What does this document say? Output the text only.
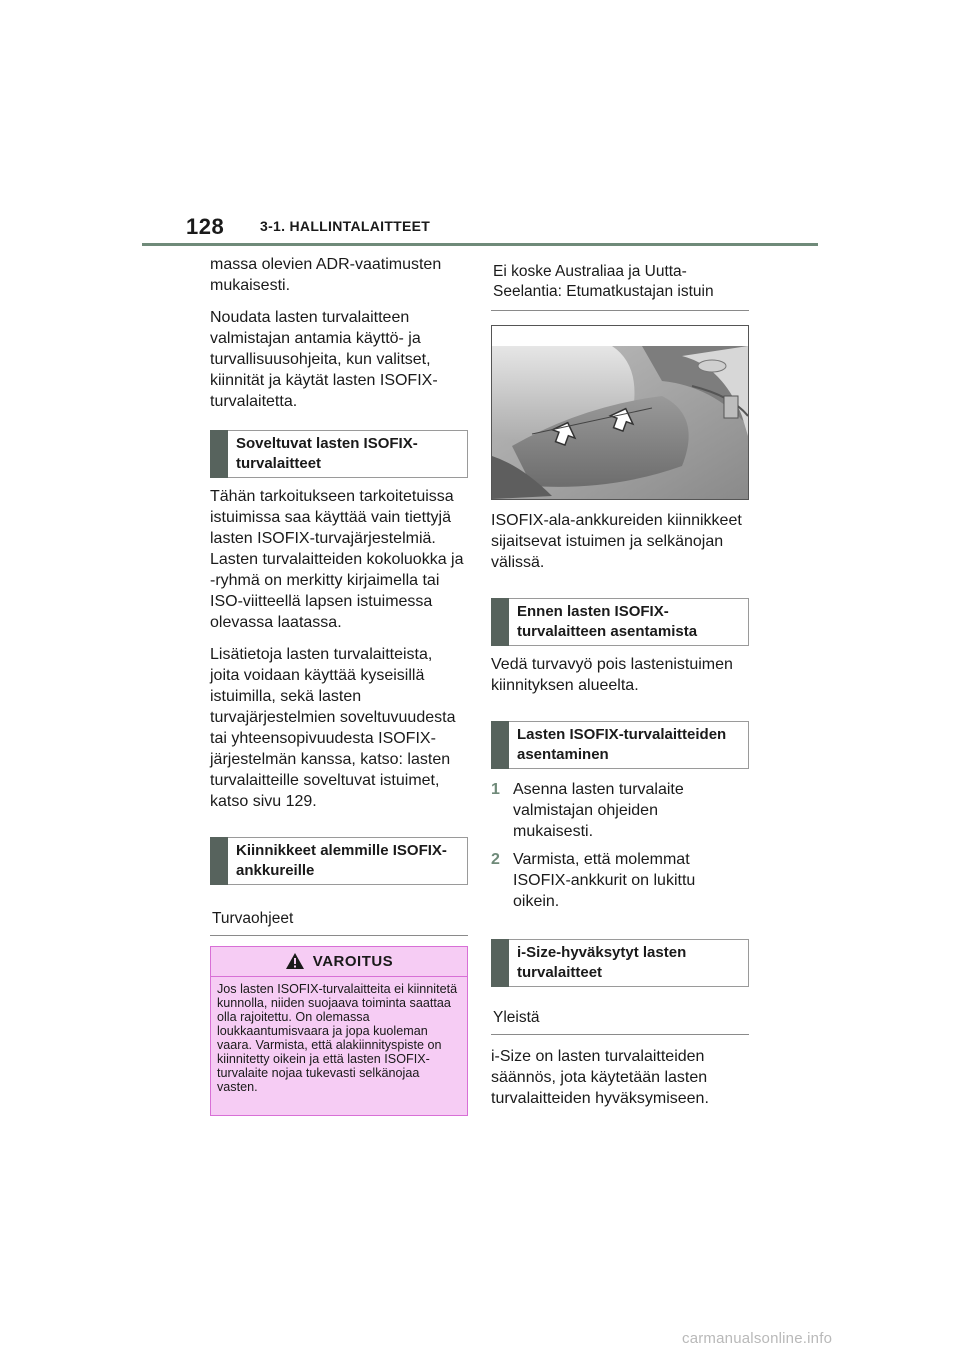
128	3-1. HALLINTALAITTEET

massa olevien ADR-vaatimusten mukaisesti.

Noudata lasten turvalaitteen valmistajan antamia käyttö- ja turvallisuusohjeita, kun valitset, kiinnität ja käytät lasten ISOFIX-turvalaitetta.

Soveltuvat lasten ISOFIX-turvalaitteet

Tähän tarkoitukseen tarkoitetuissa istuimissa saa käyttää vain tiettyjä lasten ISOFIX-turvajärjestelmiä. Lasten turvalaitteiden kokoluokka ja -ryhmä on merkitty kirjaimella tai ISO-viitteellä lapsen istuimessa olevassa laatassa.

Lisätietoja lasten turvalaitteista, joita voidaan käyttää kyseisillä istuimilla, sekä lasten turvajärjestelmien soveltuvuudesta tai yhteensopivuudesta ISOFIX-järjestelmän kanssa, katso: lasten turvalaitteille soveltuvat istuimet, katso sivu 129.

Kiinnikkeet alemmille ISOFIX-ankkureille
Turvaohjeet
VAROITUS
Jos lasten ISOFIX-turvalaitteita ei kiinnitetä kunnolla, niiden suojaava toiminta saattaa olla rajoitettu. On olemassa loukkaantumisvaara ja jopa kuoleman vaara. Varmista, että alakiinnityspiste on kiinnitetty oikein ja että lasten ISOFIX-turvalaite nojaa tukevasti selkänojaa vasten.
Ei koske Australiaa ja Uutta-Seelantia: Etumatkustajan istuin

ISOFIX-ala-ankkureiden kiinnikkeet sijaitsevat istuimen ja selkänojan välissä.

Ennen lasten ISOFIX-turvalaitteen asentamista

Vedä turvavyö pois lastenistuimen kiinnityksen alueelta.

Lasten ISOFIX-turvalaitteiden asentaminen
1 Asenna lasten turvalaite valmistajan ohjeiden mukaisesti.
2 Varmista, että molemmat ISOFIX-ankkurit on lukittu oikein.
i-Size-hyväksytyt lasten turvalaitteet
Yleistä

i-Size on lasten turvalaitteiden säännös, jota käytetään lasten turvalaitteiden hyväksymiseen.

carmanualsonline.info
